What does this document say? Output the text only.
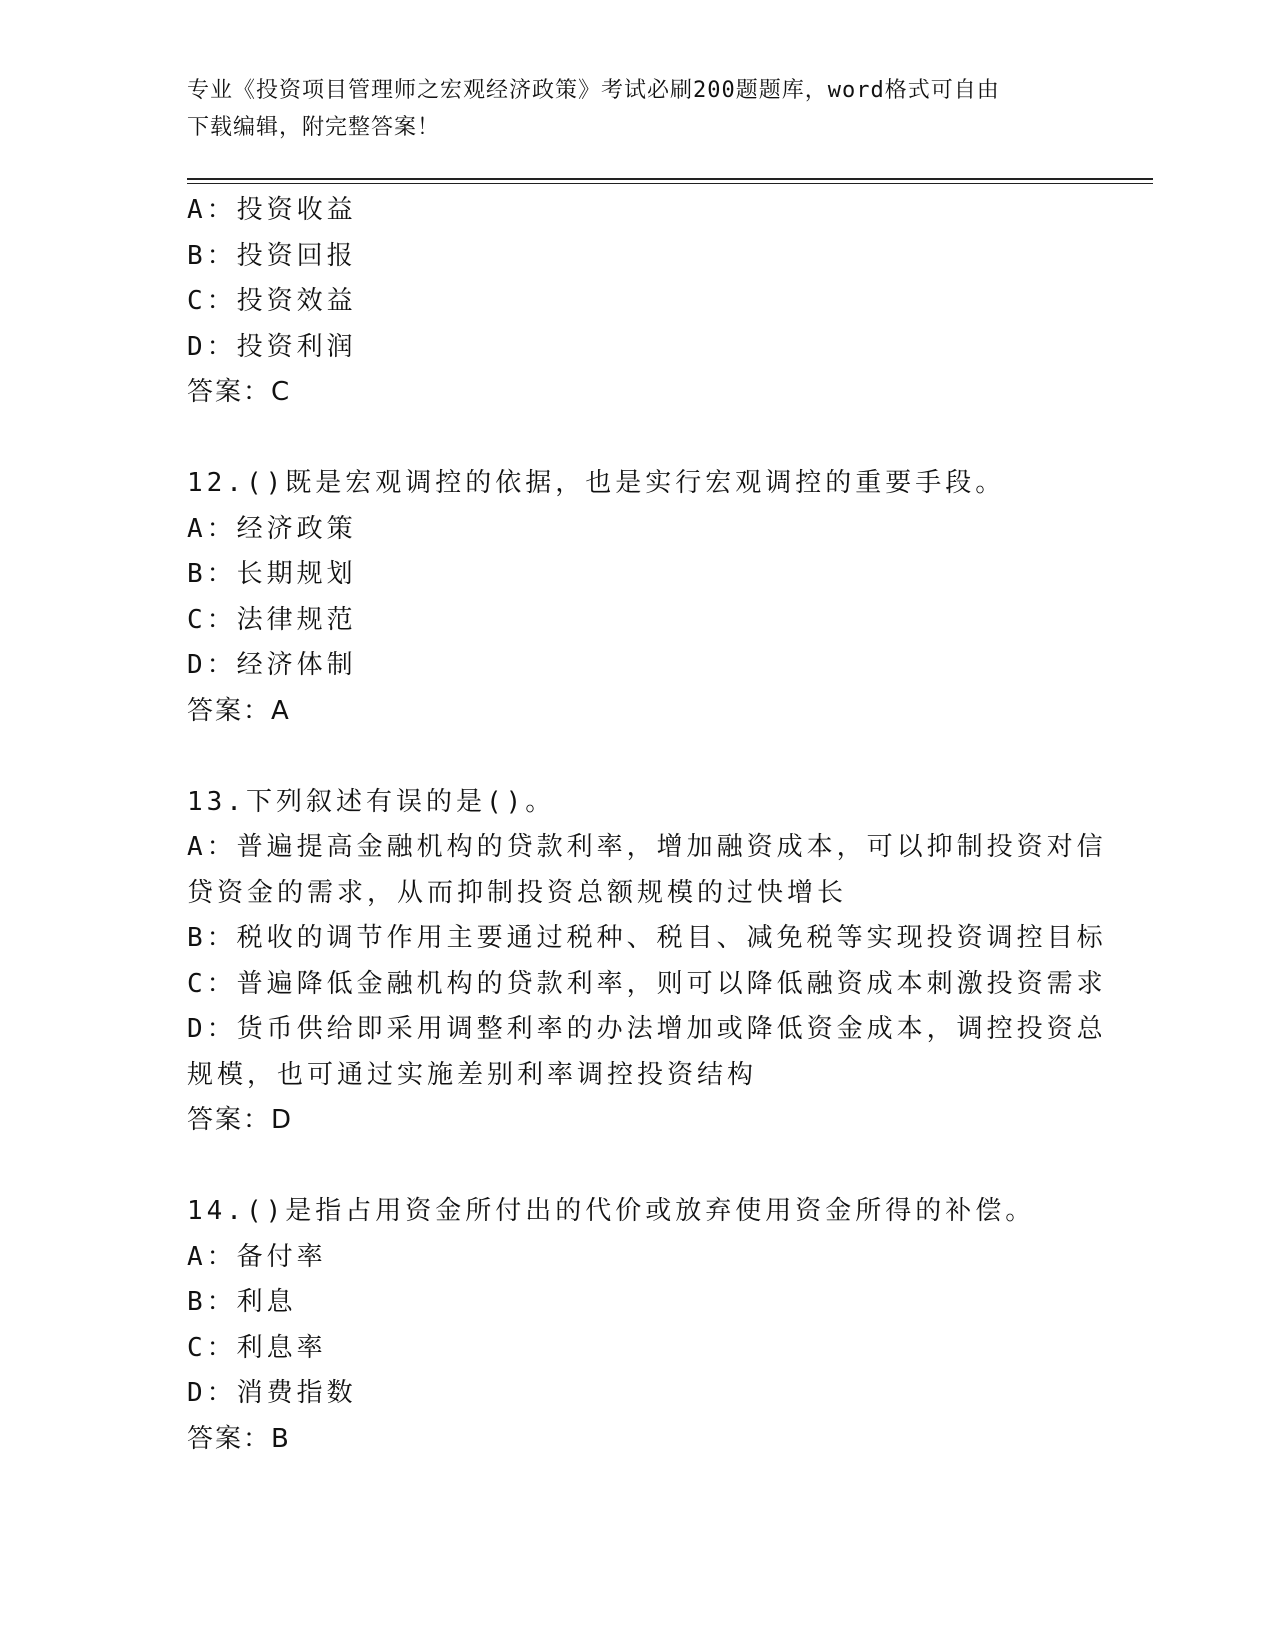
专业《投资项目管理师之宏观经济政策》考试必刷200题题库，word格式可自由
下载编辑，附完整答案！
A：投资收益
B：投资回报
C：投资效益
D：投资利润
答案：C
12.()既是宏观调控的依据，也是实行宏观调控的重要手段。
A：经济政策
B：长期规划
C：法律规范
D：经济体制
答案：A
13.下列叙述有误的是()。
A：普遍提高金融机构的贷款利率，增加融资成本，可以抑制投资对信
贷资金的需求，从而抑制投资总额规模的过快增长
B：税收的调节作用主要通过税种、税目、减免税等实现投资调控目标
C：普遍降低金融机构的贷款利率，则可以降低融资成本刺激投资需求
D：货币供给即采用调整利率的办法增加或降低资金成本，调控投资总
规模，也可通过实施差别利率调控投资结构
答案：D
14.()是指占用资金所付出的代价或放弃使用资金所得的补偿。
A：备付率
B：利息
C：利息率
D：消费指数
答案：B
